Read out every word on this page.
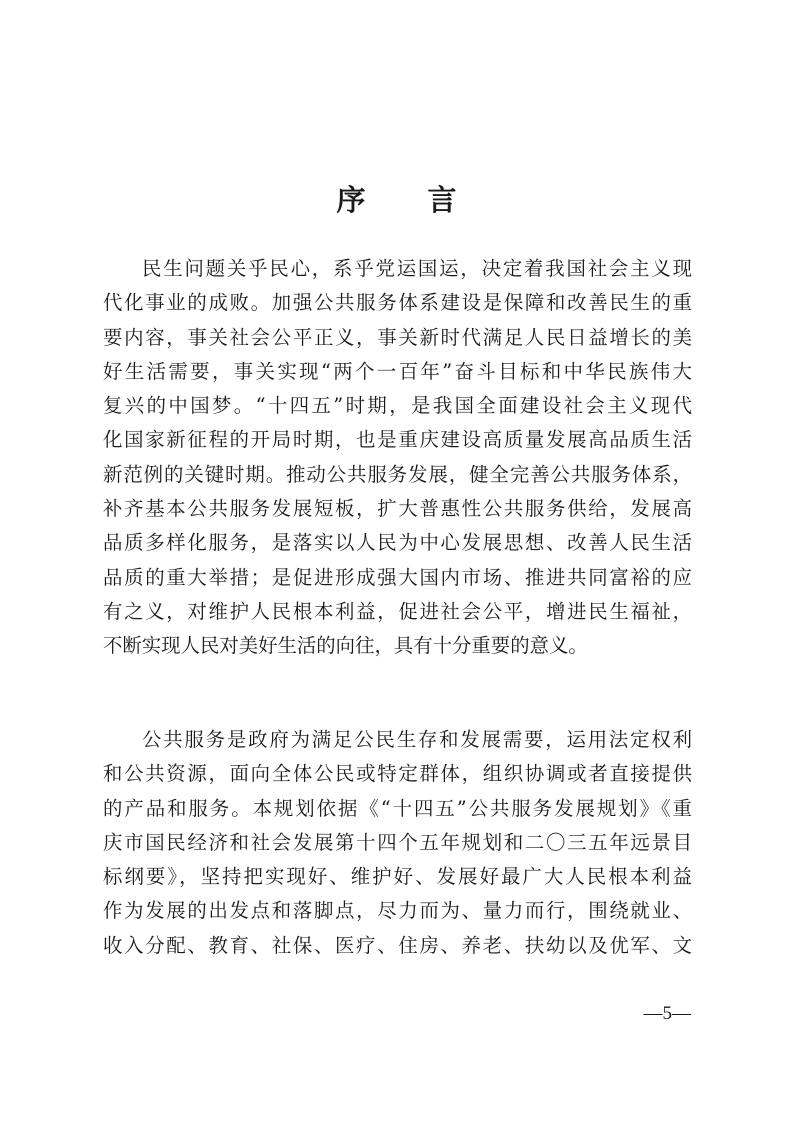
序 言
民生问题关乎民心，系乎党运国运，决定着我国社会主义现
代化事业的成败。加强公共服务体系建设是保障和改善民生的重
要内容，事关社会公平正义，事关新时代满足人民日益增长的美
好生活需要，事关实现“两个一百年”奋斗目标和中华民族伟大
复兴的中国梦。“十四五”时期，是我国全面建设社会主义现代
化国家新征程的开局时期，也是重庆建设高质量发展高品质生活
新范例的关键时期。推动公共服务发展，健全完善公共服务体系，
补齐基本公共服务发展短板，扩大普惠性公共服务供给，发展高
品质多样化服务，是落实以人民为中心发展思想、改善人民生活
品质的重大举措；是促进形成强大国内市场、推进共同富裕的应
有之义，对维护人民根本利益，促进社会公平，增进民生福祉，
不断实现人民对美好生活的向往，具有十分重要的意义。
公共服务是政府为满足公民生存和发展需要，运用法定权利
和公共资源，面向全体公民或特定群体，组织协调或者直接提供
的产品和服务。本规划依据《“十四五”公共服务发展规划》《重
庆市国民经济和社会发展第十四个五年规划和二〇三五年远景目
标纲要》，坚持把实现好、维护好、发展好最广大人民根本利益
作为发展的出发点和落脚点，尽力而为、量力而行，围绕就业、
收入分配、教育、社保、医疗、住房、养老、扶幼以及优军、文
—5—
